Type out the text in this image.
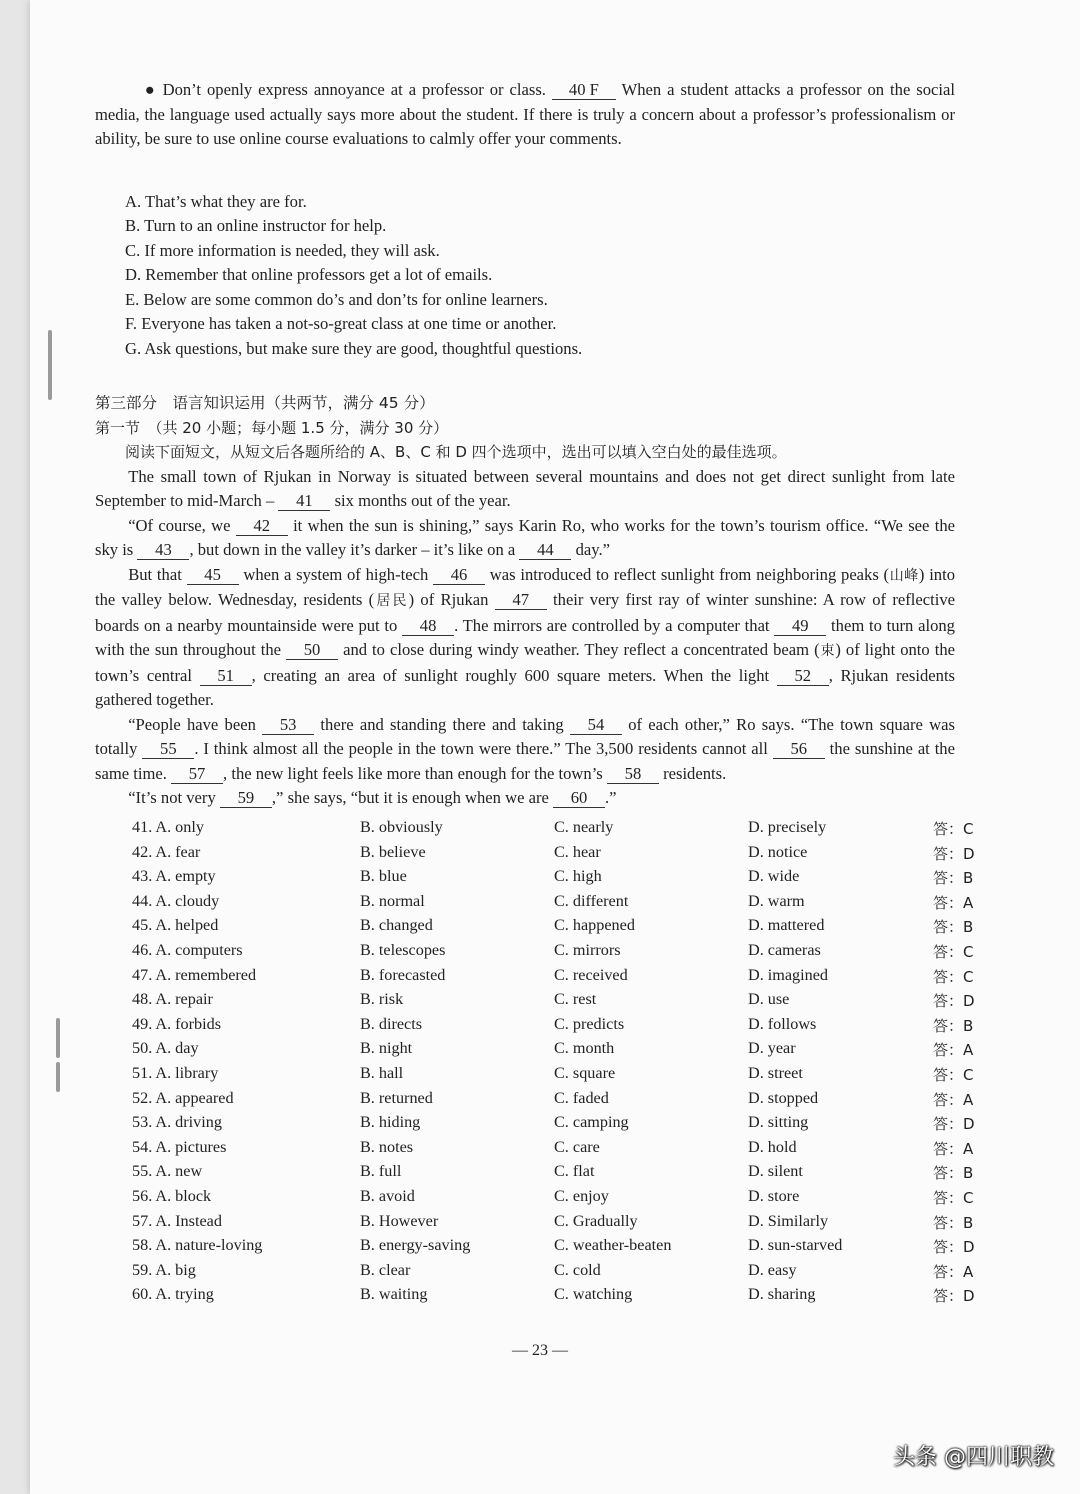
● Don’t openly express annoyance at a professor or class. 40 F When a student attacks a professor on the social media, the language used actually says more about the student. If there is truly a concern about a professor’s professionalism or ability, be sure to use online course evaluations to calmly offer your comments.

A. That’s what they are for.
B. Turn to an online instructor for help.
C. If more information is needed, they will ask.
D. Remember that online professors get a lot of emails.
E. Below are some common do’s and don’ts for online learners.
F. Everyone has taken a not-so-great class at one time or another.
G. Ask questions, but make sure they are good, thoughtful questions.
第三部分　语言知识运用（共两节，满分 45 分）
第一节　（共 20 小题；每小题 1.5 分，满分 30 分）
阅读下面短文，从短文后各题所给的 A、B、C 和 D 四个选项中，选出可以填入空白处的最佳选项。

The small town of Rjukan in Norway is situated between several mountains and does not get direct sunlight from late September to mid-March – 41 six months out of the year.

“Of course, we 42 it when the sun is shining,” says Karin Ro, who works for the town’s tourism office. “We see the sky is 43 , but down in the valley it’s darker – it’s like on a 44 day.”

But that 45 when a system of high-tech 46 was introduced to reflect sunlight from neighboring peaks (山峰) into the valley below. Wednesday, residents (居民) of Rjukan 47 their very first ray of winter sunshine: A row of reflective boards on a nearby mountainside were put to 48 . The mirrors are controlled by a computer that 49 them to turn along with the sun throughout the 50 and to close during windy weather. They reflect a concentrated beam (束) of light onto the town’s central 51 , creating an area of sunlight roughly 600 square meters. When the light 52 , Rjukan residents gathered together.

“People have been 53 there and standing there and taking 54 of each other,” Ro says. “The town square was totally 55 . I think almost all the people in the town were there.” The 3,500 residents cannot all 56 the sunshine at the same time. 57 , the new light feels like more than enough for the town’s 58 residents.

“It’s not very 59 ,” she says, “but it is enough when we are 60 .”

41. A. only	B. obviously	C. nearly	D. precisely	答：C
42. A. fear	B. believe	C. hear	D. notice	答：D
43. A. empty	B. blue	C. high	D. wide	答：B
44. A. cloudy	B. normal	C. different	D. warm	答：A
45. A. helped	B. changed	C. happened	D. mattered	答：B
46. A. computers	B. telescopes	C. mirrors	D. cameras	答：C
47. A. remembered	B. forecasted	C. received	D. imagined	答：C
48. A. repair	B. risk	C. rest	D. use	答：D
49. A. forbids	B. directs	C. predicts	D. follows	答：B
50. A. day	B. night	C. month	D. year	答：A
51. A. library	B. hall	C. square	D. street	答：C
52. A. appeared	B. returned	C. faded	D. stopped	答：A
53. A. driving	B. hiding	C. camping	D. sitting	答：D
54. A. pictures	B. notes	C. care	D. hold	答：A
55. A. new	B. full	C. flat	D. silent	答：B
56. A. block	B. avoid	C. enjoy	D. store	答：C
57. A. Instead	B. However	C. Gradually	D. Similarly	答：B
58. A. nature-loving	B. energy-saving	C. weather-beaten	D. sun-starved	答：D
59. A. big	B. clear	C. cold	D. easy	答：A
60. A. trying	B. waiting	C. watching	D. sharing	答：D
— 23 —
头条 @四川职教
